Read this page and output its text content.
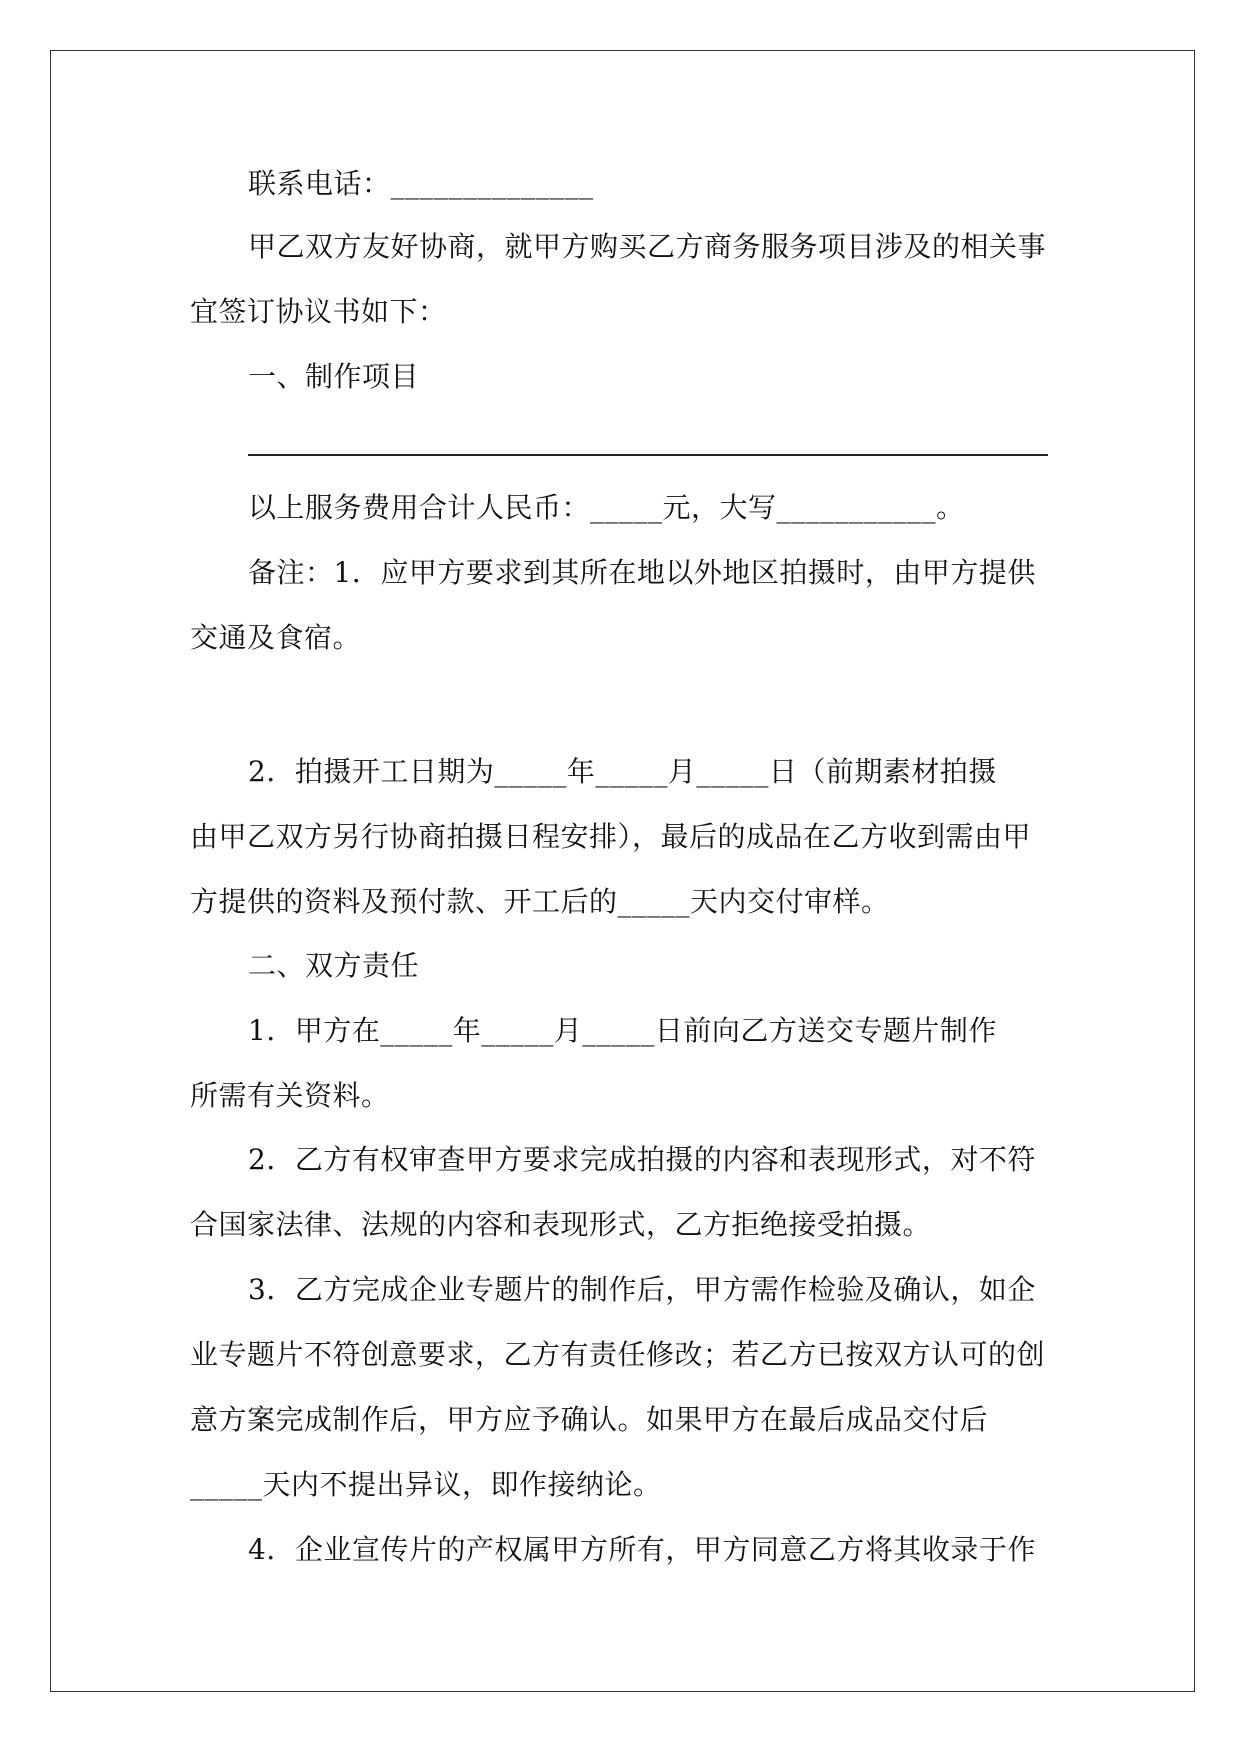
联系电话：______________
甲乙双方友好协商，就甲方购买乙方商务服务项目涉及的相关事
宜签订协议书如下：
一、制作项目
以上服务费用合计人民币：_____元，大写___________。
备注：1．应甲方要求到其所在地以外地区拍摄时，由甲方提供
交通及食宿。
2．拍摄开工日期为_____年_____月_____日（前期素材拍摄
由甲乙双方另行协商拍摄日程安排），最后的成品在乙方收到需由甲
方提供的资料及预付款、开工后的_____天内交付审样。
二、双方责任
1．甲方在_____年_____月_____日前向乙方送交专题片制作
所需有关资料。
2．乙方有权审查甲方要求完成拍摄的内容和表现形式，对不符
合国家法律、法规的内容和表现形式，乙方拒绝接受拍摄。
3．乙方完成企业专题片的制作后，甲方需作检验及确认，如企
业专题片不符创意要求，乙方有责任修改；若乙方已按双方认可的创
意方案完成制作后，甲方应予确认。如果甲方在最后成品交付后
_____天内不提出异议，即作接纳论。
4．企业宣传片的产权属甲方所有，甲方同意乙方将其收录于作
